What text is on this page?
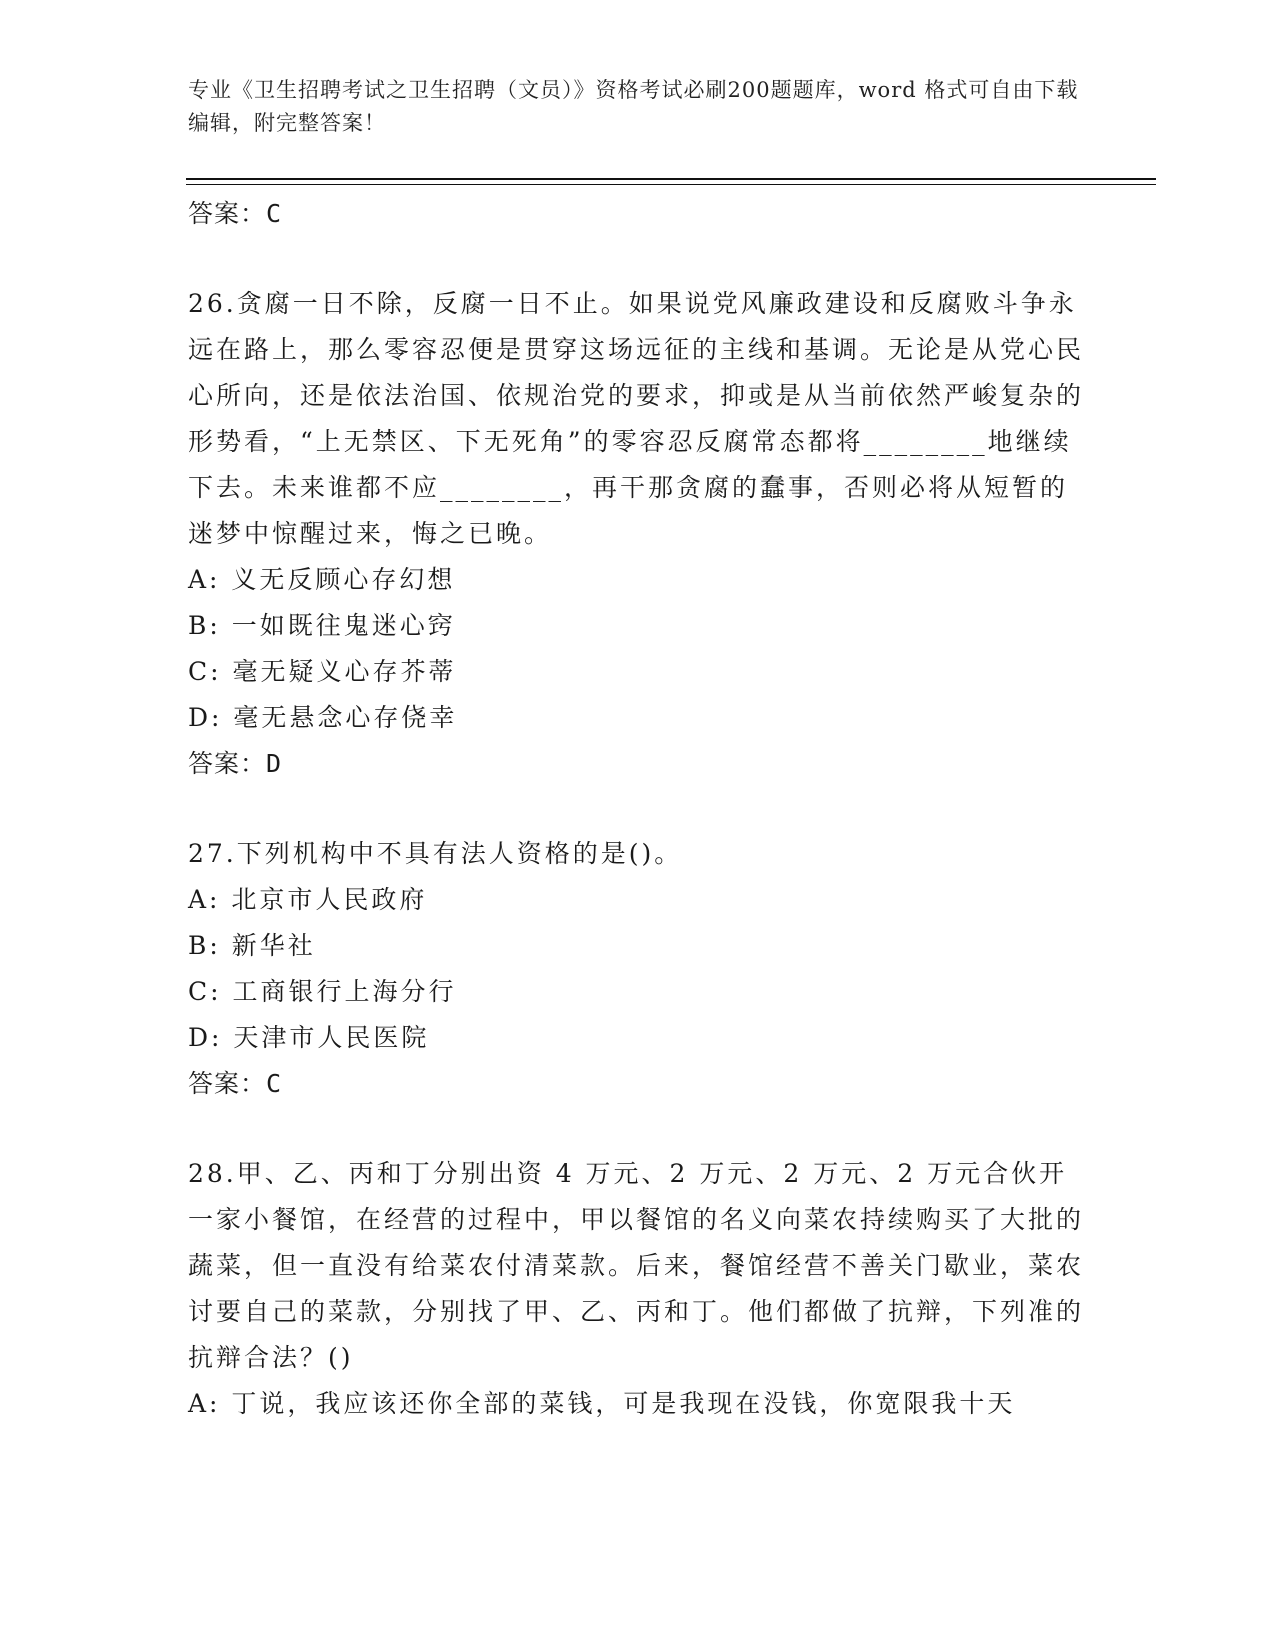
专业《卫生招聘考试之卫生招聘（文员）》资格考试必刷200题题库，word 格式可自由下载编辑，附完整答案！
答案：C
26.贪腐一日不除，反腐一日不止。如果说党风廉政建设和反腐败斗争永远在路上，那么零容忍便是贯穿这场远征的主线和基调。无论是从党心民心所向，还是依法治国、依规治党的要求，抑或是从当前依然严峻复杂的形势看，“上无禁区、下无死角”的零容忍反腐常态都将________地继续下去。未来谁都不应________，再干那贪腐的蠢事，否则必将从短暂的迷梦中惊醒过来，悔之已晚。
A: 义无反顾心存幻想
B: 一如既往鬼迷心窍
C: 毫无疑义心存芥蒂
D: 毫无悬念心存侥幸
答案：D
27.下列机构中不具有法人资格的是()。
A: 北京市人民政府
B: 新华社
C: 工商银行上海分行
D: 天津市人民医院
答案：C
28.甲、乙、丙和丁分别出资 4 万元、2 万元、2 万元、2 万元合伙开一家小餐馆，在经营的过程中，甲以餐馆的名义向菜农持续购买了大批的蔬菜，但一直没有给菜农付清菜款。后来，餐馆经营不善关门歇业，菜农讨要自己的菜款，分别找了甲、乙、丙和丁。他们都做了抗辩，下列准的抗辩合法？()
A: 丁说，我应该还你全部的菜钱，可是我现在没钱，你宽限我十天
